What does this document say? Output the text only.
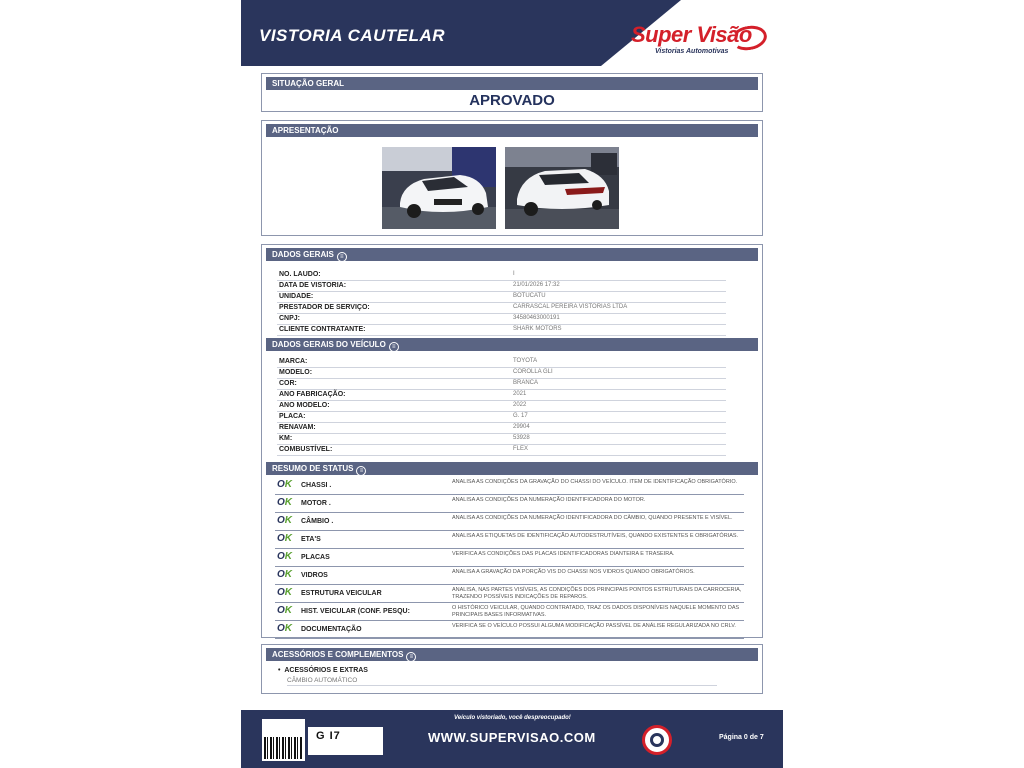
VISTORIA CAUTELAR	Super Visão
Vistorias Automotivas
SITUAÇÃO GERAL
APROVADO
APRESENTAÇÃO
DADOS GERAIS ≡
NO. LAUDO:	I
DATA DE VISTORIA:	21/01/2026 17:32
UNIDADE:	BOTUCATU
PRESTADOR DE SERVIÇO:	CARRASCAL PEREIRA VISTORIAS LTDA
CNPJ:	34580463000191
CLIENTE CONTRATANTE:	SHARK MOTORS
DADOS GERAIS DO VEÍCULO ≡
MARCA:	TOYOTA
MODELO:	COROLLA GLI
COR:	BRANCA
ANO FABRICAÇÃO:	2021
ANO MODELO:	2022
PLACA:	G. 17
RENAVAM:	29904
KM:	53928
COMBUSTÍVEL:	FLEX
RESUMO DE STATUS ≡
OK CHASSI .	ANALISA AS CONDIÇÕES DA GRAVAÇÃO DO CHASSI DO VEÍCULO. ITEM DE IDENTIFICAÇÃO OBRIGATÓRIO.
OK MOTOR .	ANALISA AS CONDIÇÕES DA NUMERAÇÃO IDENTIFICADORA DO MOTOR.
OK CÂMBIO .	ANALISA AS CONDIÇÕES DA NUMERAÇÃO IDENTIFICADORA DO CÂMBIO, QUANDO PRESENTE E VISÍVEL.
OK ETA'S	ANALISA AS ETIQUETAS DE IDENTIFICAÇÃO AUTODESTRUTÍVEIS, QUANDO EXISTENTES E OBRIGATÓRIAS.
OK PLACAS	VERIFICA AS CONDIÇÕES DAS PLACAS IDENTIFICADORAS DIANTEIRA E TRASEIRA.
OK VIDROS	ANALISA A GRAVAÇÃO DA PORÇÃO VIS DO CHASSI NOS VIDROS QUANDO OBRIGATÓRIOS.
OK ESTRUTURA VEICULAR	ANALISA, NAS PARTES VISÍVEIS, AS CONDIÇÕES DOS PRINCIPAIS PONTOS ESTRUTURAIS DA CARROCERIA, TRAZENDO POSSÍVEIS INDICAÇÕES DE REPAROS.
OK HIST. VEICULAR (CONF. PESQU:	O HISTÓRICO VEICULAR, QUANDO CONTRATADO, TRAZ OS DADOS DISPONÍVEIS NAQUELE MOMENTO DAS PRINCIPAIS BASES INFORMATIVAS.
OK DOCUMENTAÇÃO	VERIFICA SE O VEÍCULO POSSUI ALGUMA MODIFICAÇÃO PASSÍVEL DE ANÁLISE REGULARIZADA NO CRLV.
ACESSÓRIOS E COMPLEMENTOS ≡
•  ACESSÓRIOS E EXTRAS
CÂMBIO AUTOMÁTICO
G I7
Veículo vistoriado, você despreocupado!
WWW.SUPERVISAO.COM	Página 0 de 7
